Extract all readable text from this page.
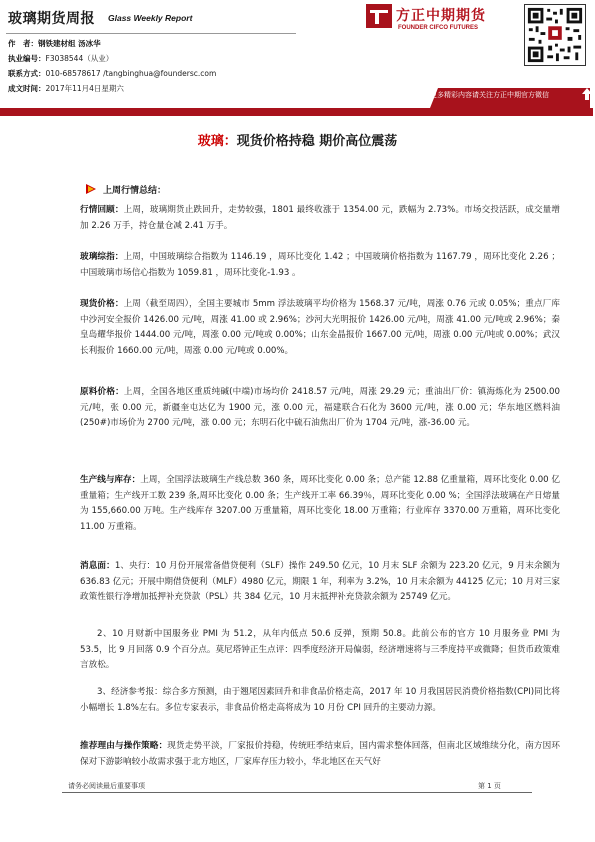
玻璃期货周报 Glass Weekly Report
作　者：钢铁建材组 汤冰华
执业编号：F3038544（从业）
联系方式：010-68578617 /tangbinghua@foundersc.com
成文时间：2017年11月4日星期六
方正中期期货
FOUNDER CIFCO FUTURES
更多精彩内容请关注方正中期官方微信
玻璃：现货价格持稳 期价高位震荡
上周行情总结：
行情回顾：上周，玻璃期货止跌回升，走势较强，1801 最终收涨于 1354.00 元，跌幅为 2.73%。市场交投活跃，成交量增加 2.26 万手，持仓量仓减 2.41 万手。
玻璃综指：上周，中国玻璃综合指数为 1146.19 ，周环比变化 1.42 ；中国玻璃价格指数为 1167.79 ，周环比变化 2.26 ；中国玻璃市场信心指数为 1059.81 ，周环比变化-1.93 。
现货价格：上周（截至周四），全国主要城市 5mm 浮法玻璃平均价格为 1568.37 元/吨，周涨 0.76 元或 0.05%；重点厂库中沙河安全报价 1426.00 元/吨，周涨 41.00 或 2.96%；沙河大光明报价 1426.00 元/吨，周涨 41.00 元/吨或 2.96%；秦皇岛耀华报价 1444.00 元/吨，周涨 0.00 元/吨或 0.00%；山东金晶报价 1667.00 元/吨，周涨 0.00 元/吨或 0.00%；武汉长利报价 1660.00 元/吨，周涨 0.00 元/吨或 0.00%。
原料价格：上周，全国各地区重质纯碱(中端)市场均价 2418.57 元/吨，周涨 29.29 元；重油出厂价：镇海炼化为 2500.00 元/吨，张 0.00 元，新疆奎屯达亿为 1900 元，涨 0.00 元，福建联合石化为 3600 元/吨，涨 0.00 元；华东地区燃料油(250#)市场价为 2700 元/吨，涨 0.00 元；东明石化中硫石油焦出厂价为 1704 元/吨，涨-36.00 元。
生产线与库存：上周，全国浮法玻璃生产线总数 360 条，周环比变化 0.00 条；总产能 12.88 亿重量箱，周环比变化 0.00 亿重量箱；生产线开工数 239 条,周环比变化 0.00 条；生产线开工率 66.39％，周环比变化 0.00 %；全国浮法玻璃在产日熔量为 155,660.00 万吨。生产线库存 3207.00 万重量箱，周环比变化 18.00 万重箱；行业库存 3370.00 万重箱，周环比变化 11.00 万重箱。
消息面：1、央行：10 月份开展常备借贷便利（SLF）操作 249.50 亿元，10 月末 SLF 余额为 223.20 亿元，9 月末余额为 636.83 亿元；开展中期借贷便利（MLF）4980 亿元，期限 1 年，利率为 3.2%，10 月末余额为 44125 亿元；10 月对三家政策性银行净增加抵押补充贷款（PSL）共 384 亿元，10 月末抵押补充贷款余额为 25749 亿元。
2、10 月财新中国服务业 PMI 为 51.2，从年内低点 50.6 反弹，预期 50.8。此前公布的官方 10 月服务业 PMI 为 53.5，比 9 月回落 0.9 个百分点。莫尼塔钟正生点评：四季度经济开局偏弱，经济增速将与三季度持平或微降；但货币政策难言放松。
3、经济参考报：综合多方预测，由于翘尾因素回升和非食品价格走高，2017 年 10 月我国居民消费价格指数(CPI)同比将小幅增长 1.8%左右。多位专家表示，非食品价格走高将成为 10 月份 CPI 回升的主要动力源。
推荐理由与操作策略：现货走势平淡，厂家报价持稳，传统旺季结束后，国内需求整体回落，但南北区域维续分化，南方因环保对下游影响较小故需求强于北方地区，厂家库存压力较小，华北地区在天气好
请务必阅读最后重要事项	第 1 页
